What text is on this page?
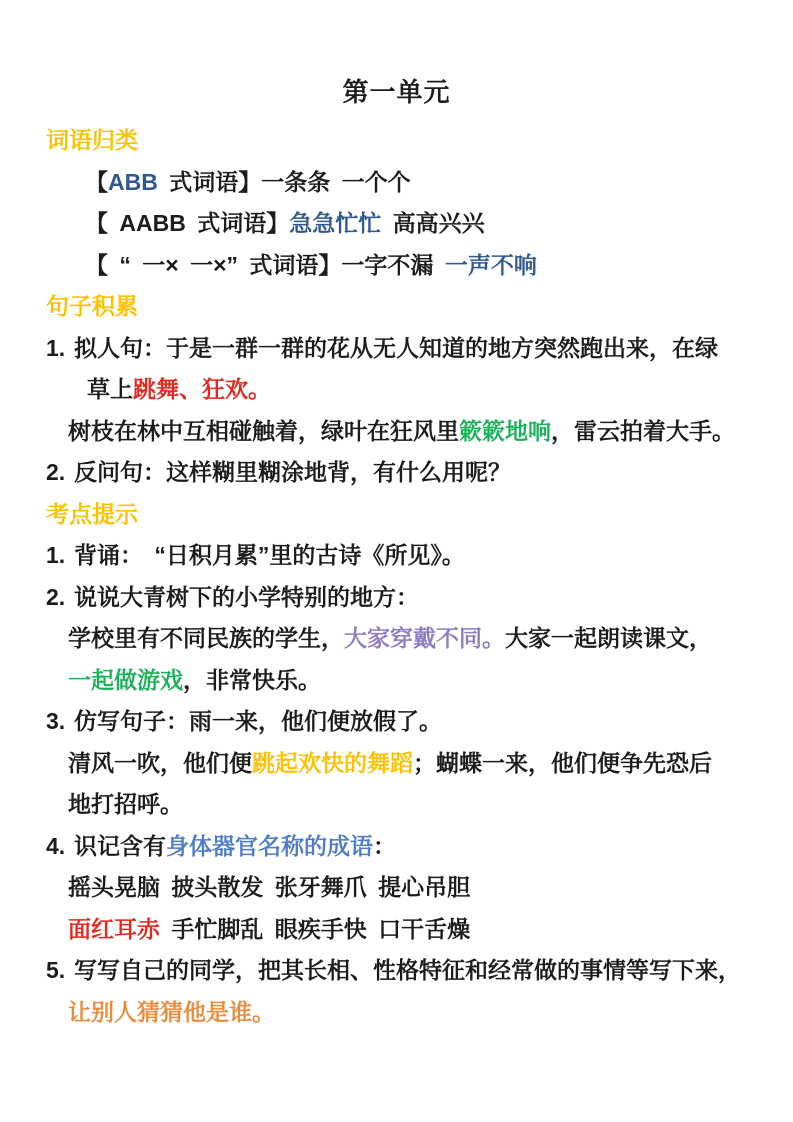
第一单元
词语归类
【ABB 式词语】一条条 一个个
【 AABB 式词语】急急忙忙 高高兴兴
【 “ 一× 一×” 式词语】一字不漏 一声不响
句子积累
1. 拟人句：于是一群一群的花从无人知道的地方突然跑出来，在绿
草上跳舞、狂欢。
树枝在林中互相碰触着，绿叶在狂风里簌簌地响，雷云拍着大手。
2. 反问句：这样糊里糊涂地背，有什么用呢？
考点提示
1. 背诵： “日积月累”里的古诗《所见》。
2. 说说大青树下的小学特别的地方：
学校里有不同民族的学生，大家穿戴不同。大家一起朗读课文，
一起做游戏，非常快乐。
3. 仿写句子：雨一来，他们便放假了。
清风一吹，他们便跳起欢快的舞蹈；蝴蝶一来，他们便争先恐后
地打招呼。
4. 识记含有身体器官名称的成语：
摇头晃脑 披头散发 张牙舞爪 提心吊胆
面红耳赤 手忙脚乱 眼疾手快 口干舌燥
5. 写写自己的同学，把其长相、性格特征和经常做的事情等写下来，
让别人猜猜他是谁。
